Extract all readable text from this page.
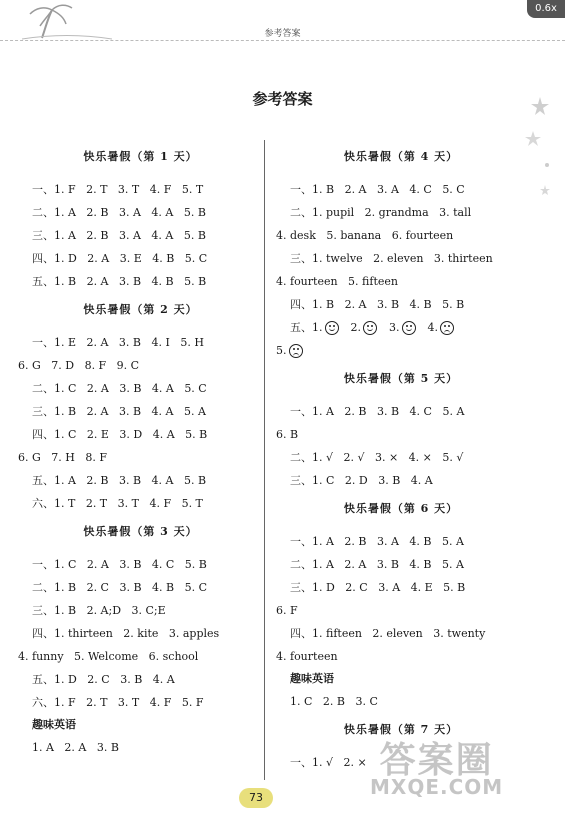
参考答案
0.6x
参考答案
快乐暑假（第 1 天）
一、1. F   2. T   3. T   4. F   5. T
二、1. A   2. B   3. A   4. A   5. B
三、1. A   2. B   3. A   4. A   5. B
四、1. D   2. A   3. E   4. B   5. C
五、1. B   2. A   3. B   4. B   5. B
快乐暑假（第 2 天）
一、1. E   2. A   3. B   4. I   5. H
6. G   7. D   8. F   9. C
二、1. C   2. A   3. B   4. A   5. C
三、1. B   2. A   3. B   4. A   5. A
四、1. C   2. E   3. D   4. A   5. B
6. G   7. H   8. F
五、1. A   2. B   3. B   4. A   5. B
六、1. T   2. T   3. T   4. F   5. T
快乐暑假（第 3 天）
一、1. C   2. A   3. B   4. C   5. B
二、1. B   2. C   3. B   4. B   5. C
三、1. B   2. A;D   3. C;E
四、1. thirteen   2. kite   3. apples
4. funny   5. Welcome   6. school
五、1. D   2. C   3. B   4. A
六、1. F   2. T   3. T   4. F   5. F
趣味英语
1. A   2. A   3. B
快乐暑假（第 4 天）
一、1. B   2. A   3. A   4. C   5. C
二、1. pupil   2. grandma   3. tall
4. desk   5. banana   6. fourteen
三、1. twelve   2. eleven   3. thirteen
4. fourteen   5. fifteen
四、1. B   2. A   3. B   4. B   5. B
五、1.	2.	3.	4.
5.
快乐暑假（第 5 天）
一、1. A   2. B   3. B   4. C   5. A
6. B
二、1. √   2. √   3. ×   4. ×   5. √
三、1. C   2. D   3. B   4. A
快乐暑假（第 6 天）
一、1. A   2. B   3. A   4. B   5. A
二、1. A   2. A   3. B   4. B   5. A
三、1. D   2. C   3. A   4. E   5. B
6. F
四、1. fifteen   2. eleven   3. twenty
4. fourteen
趣味英语
1. C   2. B   3. C
快乐暑假（第 7 天）
一、1. √   2. × 答案圈
MXQE.COM
73
